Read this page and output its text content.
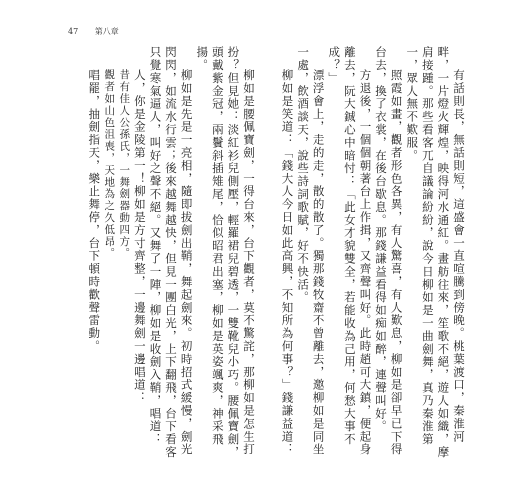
47 第八章

有話則長，無話則短，這盛會一直喧騰到傍晚。桃葉渡口，秦淮河畔，一片燈火輝煌，映得河水通紅。畫舫往來，笙歌不絕，遊人如織，摩肩接踵。那些看客兀自議論紛紛，說今日柳如是一曲劍舞，真乃秦淮第一，眾人無不歎服。

照霞如畫，觀者形色各異，有人驚喜，有人歎息，柳如是卻早已下得台去，換了衣裳，在後台歇息。那錢謙益看得如痴如醉，連聲叫好。

方退後，一個個朝著台上作揖，又齊聲叫好。此時趙可大鎮，便起身離去，阮大鋮心中暗忖：「此女才貌雙全，若能收為己用，何愁大事不成？」

漂浮會上，走的走，散的散了。獨那錢牧齋不曾離去，邀柳如是同坐一處，飲酒談天，說些詩詞歌賦，好不快活。

柳如是笑道：「錢大人今日如此高興，不知所為何事？」錢謙益道：

柳如是腰佩寶劍，一得台來，台下觀者，莫不驚詫，那柳如是怎生打扮？但見她：淡紅衫兒側壓，輕羅裙兒碧透，一雙靴兒小巧。腰佩寶劍，頭戴紫金冠，兩鬢斜插雉尾，恰似昭君出塞，柳如是英姿颯爽，神采飛揚。

柳如是先是一亮相，隨即拔劍出鞘，舞起劍來。初時招式緩慢，劍光閃閃，如流水行雲；後來越舞越快，但見一團白光，上下翻飛，台下看客只覺寒氣逼人，叫好之聲不絕。又舞了一陣，柳如是收劍入鞘，唱道：

人，你是金陵第一！柳如是方寸齊整，一邊舞劍一邊唱道：

昔有佳人公孫氏，一舞劍器動四方。
觀者如山色沮喪，天地為之久低昂。

唱罷，抽劍指天，樂止舞停，台下頓時歡聲雷動。
